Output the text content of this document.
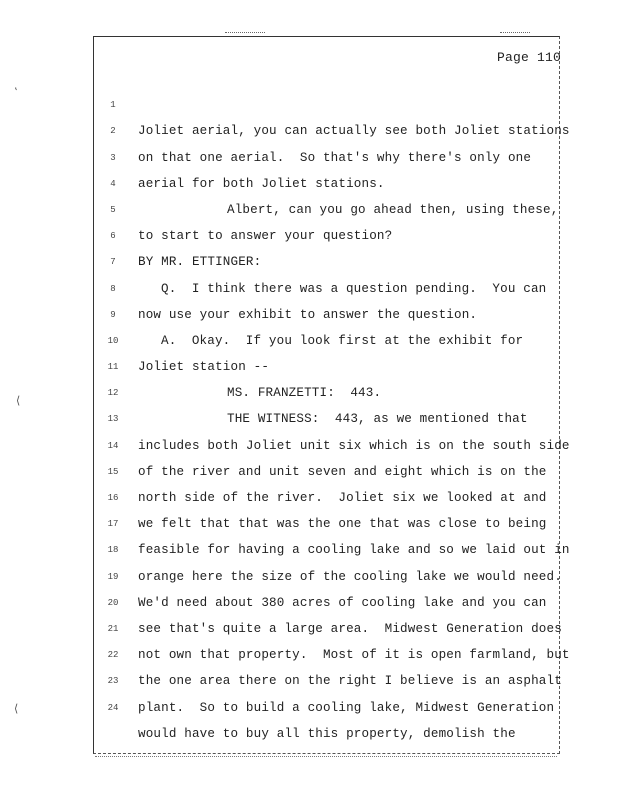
Page 110
ʽ
⟨
⟨

1

Joliet aerial, you can actually see both Joliet stations

2

on that one aerial.  So that's why there's only one

3

aerial for both Joliet stations.

4

Albert, can you go ahead then, using these,

5

to start to answer your question?

6

BY MR. ETTINGER:

7

Q.  I think there was a question pending.  You can

8

now use your exhibit to answer the question.

9

A.  Okay.  If you look first at the exhibit for

10

Joliet station --

11

MS. FRANZETTI:  443.

12

THE WITNESS:  443, as we mentioned that

13

includes both Joliet unit six which is on the south side

14

of the river and unit seven and eight which is on the

15

north side of the river.  Joliet six we looked at and

16

we felt that that was the one that was close to being

17

feasible for having a cooling lake and so we laid out in

18

orange here the size of the cooling lake we would need.

19

We'd need about 380 acres of cooling lake and you can

20

see that's quite a large area.  Midwest Generation does

21

not own that property.  Most of it is open farmland, but

22

the one area there on the right I believe is an asphalt

23

plant.  So to build a cooling lake, Midwest Generation

24

would have to buy all this property, demolish the
